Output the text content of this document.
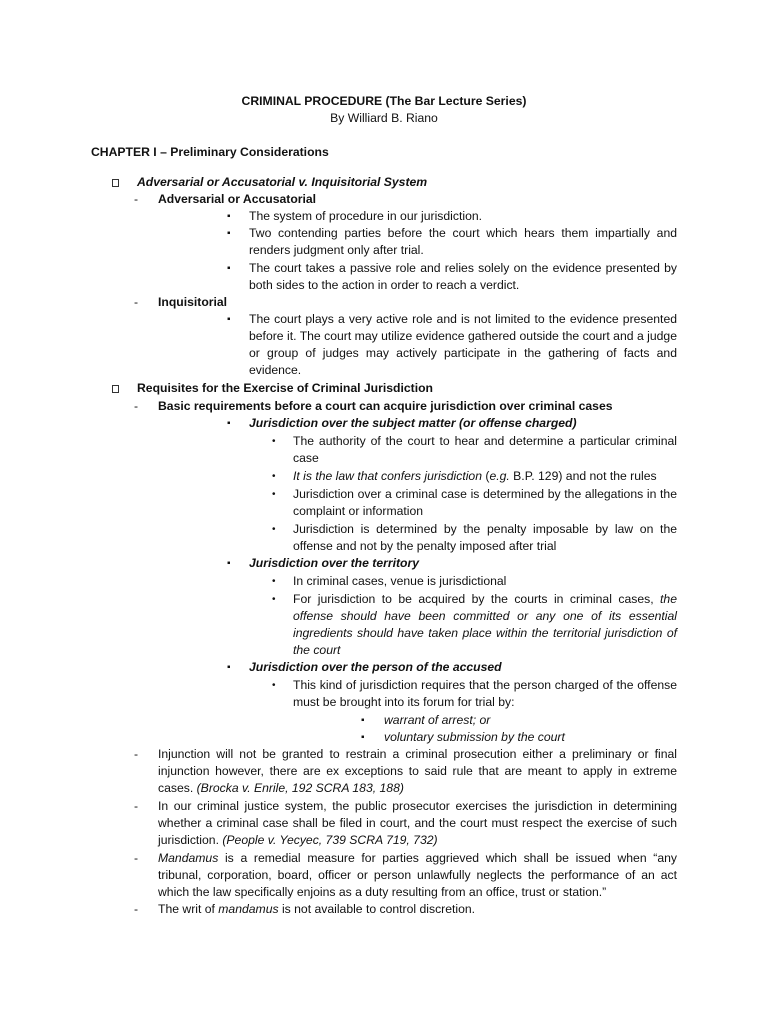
CRIMINAL PROCEDURE (The Bar Lecture Series)
By Williard B. Riano
CHAPTER I – Preliminary Considerations
Adversarial or Accusatorial v. Inquisitorial System
- Adversarial or Accusatorial
▪ The system of procedure in our jurisdiction.
▪ Two contending parties before the court which hears them impartially and renders judgment only after trial.
▪ The court takes a passive role and relies solely on the evidence presented by both sides to the action in order to reach a verdict.
- Inquisitorial
▪ The court plays a very active role and is not limited to the evidence presented before it. The court may utilize evidence gathered outside the court and a judge or group of judges may actively participate in the gathering of facts and evidence.
Requisites for the Exercise of Criminal Jurisdiction
- Basic requirements before a court can acquire jurisdiction over criminal cases
▪ Jurisdiction over the subject matter (or offense charged)
• The authority of the court to hear and determine a particular criminal case
• It is the law that confers jurisdiction (e.g. B.P. 129) and not the rules
• Jurisdiction over a criminal case is determined by the allegations in the complaint or information
• Jurisdiction is determined by the penalty imposable by law on the offense and not by the penalty imposed after trial
▪ Jurisdiction over the territory
• In criminal cases, venue is jurisdictional
• For jurisdiction to be acquired by the courts in criminal cases, the offense should have been committed or any one of its essential ingredients should have taken place within the territorial jurisdiction of the court
▪ Jurisdiction over the person of the accused
• This kind of jurisdiction requires that the person charged of the offense must be brought into its forum for trial by:
▪ warrant of arrest; or
▪ voluntary submission by the court
- Injunction will not be granted to restrain a criminal prosecution either a preliminary or final injunction however, there are ex exceptions to said rule that are meant to apply in extreme cases. (Brocka v. Enrile, 192 SCRA 183, 188)
- In our criminal justice system, the public prosecutor exercises the jurisdiction in determining whether a criminal case shall be filed in court, and the court must respect the exercise of such jurisdiction. (People v. Yecyec, 739 SCRA 719, 732)
- Mandamus is a remedial measure for parties aggrieved which shall be issued when “any tribunal, corporation, board, officer or person unlawfully neglects the performance of an act which the law specifically enjoins as a duty resulting from an office, trust or station.”
- The writ of mandamus is not available to control discretion.
